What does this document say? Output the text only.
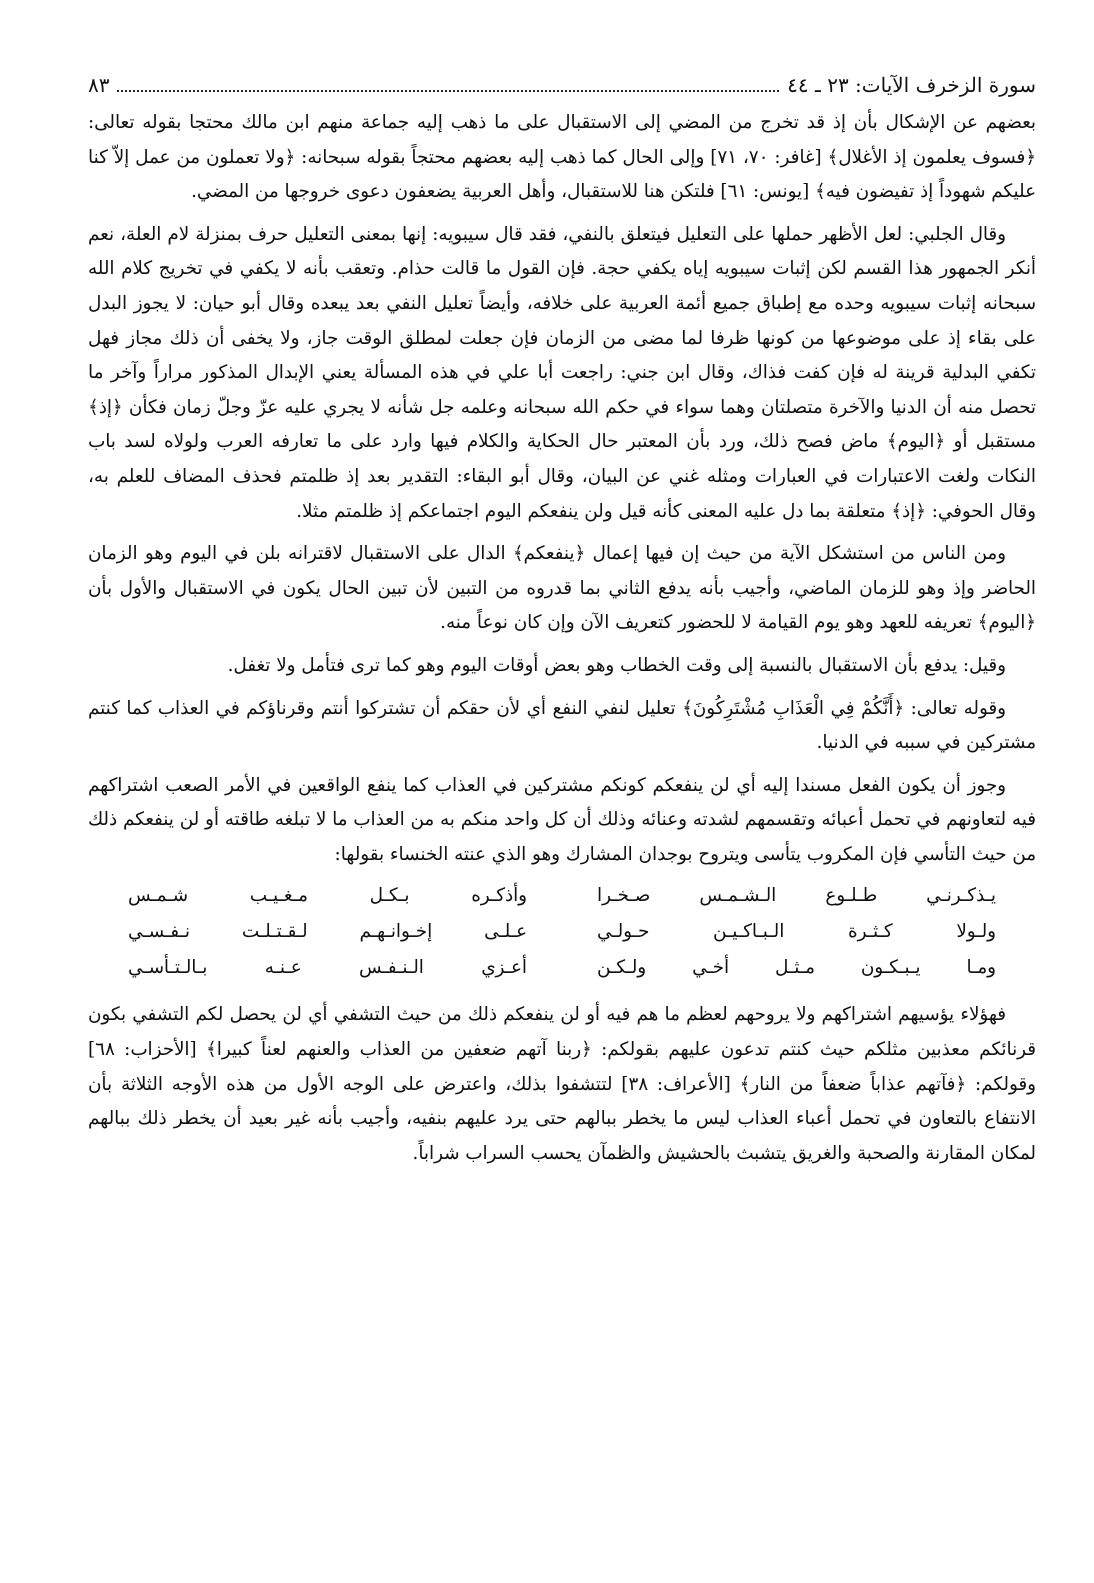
سورة الزخرف الآيات: ٢٣ ـ ٤٤
٨٣

بعضهم عن الإشكال بأن إذ قد تخرج من المضي إلى الاستقبال على ما ذهب إليه جماعة منهم ابن مالك محتجا بقوله تعالى: ﴿فسوف يعلمون إذ الأغلال﴾ [غافر: ٧٠، ٧١] وإلى الحال كما ذهب إليه بعضهم محتجاً بقوله سبحانه: ﴿ولا تعملون من عمل إلاّ كنا عليكم شهوداً إذ تفيضون فيه﴾ [يونس: ٦١] فلتكن هنا للاستقبال، وأهل العربية يضعفون دعوى خروجها من المضي.

وقال الجلبي: لعل الأظهر حملها على التعليل فيتعلق بالنفي، فقد قال سيبويه: إنها بمعنى التعليل حرف بمنزلة لام العلة، نعم أنكر الجمهور هذا القسم لكن إثبات سيبويه إياه يكفي حجة. فإن القول ما قالت حذام. وتعقب بأنه لا يكفي في تخريج كلام الله سبحانه إثبات سيبويه وحده مع إطباق جميع أئمة العربية على خلافه، وأيضاً تعليل النفي بعد يبعده وقال أبو حيان: لا يجوز البدل على بقاء إذ على موضوعها من كونها ظرفا لما مضى من الزمان فإن جعلت لمطلق الوقت جاز، ولا يخفى أن ذلك مجاز فهل تكفي البدلية قرينة له فإن كفت فذاك، وقال ابن جني: راجعت أبا علي في هذه المسألة يعني الإبدال المذكور مراراً وآخر ما تحصل منه أن الدنيا والآخرة متصلتان وهما سواء في حكم الله سبحانه وعلمه جل شأنه لا يجري عليه عزّ وجلّ زمان فكأن ﴿إذ﴾ مستقبل أو ﴿اليوم﴾ ماض فصح ذلك، ورد بأن المعتبر حال الحكاية والكلام فيها وارد على ما تعارفه العرب ولولاه لسد باب النكات ولغت الاعتبارات في العبارات ومثله غني عن البيان، وقال أبو البقاء: التقدير بعد إذ ظلمتم فحذف المضاف للعلم به، وقال الحوفي: ﴿إذ﴾ متعلقة بما دل عليه المعنى كأنه قيل ولن ينفعكم اليوم اجتماعكم إذ ظلمتم مثلا.

ومن الناس من استشكل الآية من حيث إن فيها إعمال ﴿ينفعكم﴾ الدال على الاستقبال لاقترانه بلن في اليوم وهو الزمان الحاضر وإذ وهو للزمان الماضي، وأجيب بأنه يدفع الثاني بما قدروه من التبين لأن تبين الحال يكون في الاستقبال والأول بأن ﴿اليوم﴾ تعريفه للعهد وهو يوم القيامة لا للحضور كتعريف الآن وإن كان نوعاً منه.

وقيل: يدفع بأن الاستقبال بالنسبة إلى وقت الخطاب وهو بعض أوقات اليوم وهو كما ترى فتأمل ولا تغفل.

وقوله تعالى: ﴿أَنَّكُمْ فِي الْعَذَابِ مُشْتَرِكُونَ﴾ تعليل لنفي النفع أي لأن حقكم أن تشتركوا أنتم وقرناؤكم في العذاب كما كنتم مشتركين في سببه في الدنيا.

وجوز أن يكون الفعل مسندا إليه أي لن ينفعكم كونكم مشتركين في العذاب كما ينفع الواقعين في الأمر الصعب اشتراكهم فيه لتعاونهم في تحمل أعبائه وتقسمهم لشدته وعنائه وذلك أن كل واحد منكم به من العذاب ما لا تبلغه طاقته أو لن ينفعكم ذلك من حيث التأسي فإن المكروب يتأسى ويتروح بوجدان المشارك وهو الذي عنته الخنساء بقولها:

يـذكـرنـي طـلـوع الـشـمـس صـخـرا
وأذكـره بـكـل مـغـيـب شـمـس
ولـولا كـثـرة الـبـاكـيـن حـولـي
عـلـى إخـوانـهـم لـقـتـلـت نـفـسـي
ومـا يـبـكـون مـثـل أخـي ولـكـن
أعـزي الـنـفـس عـنـه بـالـتـأسـي

فهؤلاء يؤسيهم اشتراكهم ولا يروحهم لعظم ما هم فيه أو لن ينفعكم ذلك من حيث التشفي أي لن يحصل لكم التشفي بكون قرنائكم معذبين مثلكم حيث كنتم تدعون عليهم بقولكم: ﴿ربنا آتهم ضعفين من العذاب والعنهم لعناً كبيرا﴾ [الأحزاب: ٦٨] وقولكم: ﴿فآتهم عذاباً ضعفاً من النار﴾ [الأعراف: ٣٨] لتتشفوا بذلك، واعترض على الوجه الأول من هذه الأوجه الثلاثة بأن الانتفاع بالتعاون في تحمل أعباء العذاب ليس ما يخطر ببالهم حتى يرد عليهم بنفيه، وأجيب بأنه غير بعيد أن يخطر ذلك ببالهم لمكان المقارنة والصحبة والغريق يتشبث بالحشيش والظمآن يحسب السراب شراباً.
